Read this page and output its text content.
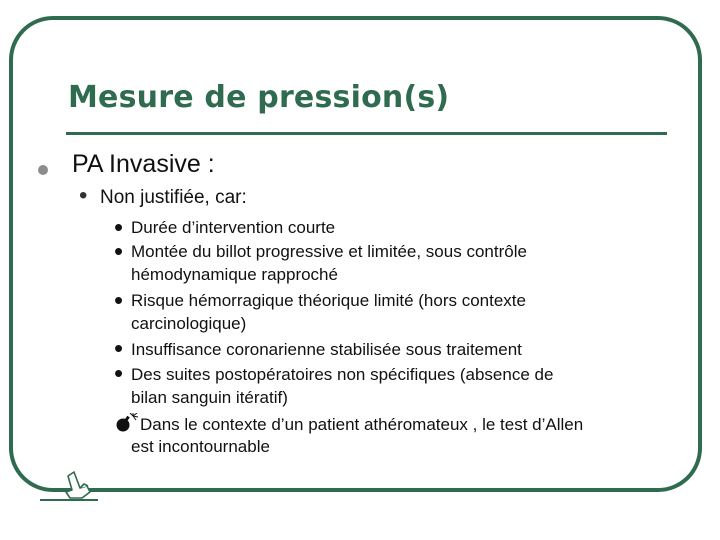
Mesure de pression(s)
PA Invasive :
• Non justifiée, car:
• Durée d’intervention courte
• Montée du billot progressive et limitée, sous contrôle
hémodynamique rapproché
• Risque hémorragique théorique limité (hors contexte
carcinologique)
• Insuffisance coronarienne stabilisée sous traitement
• Des suites postopératoires non spécifiques (absence de
bilan sanguin itératif)
Dans le contexte d’un patient athéromateux , le test d’Allen
est incontournable
